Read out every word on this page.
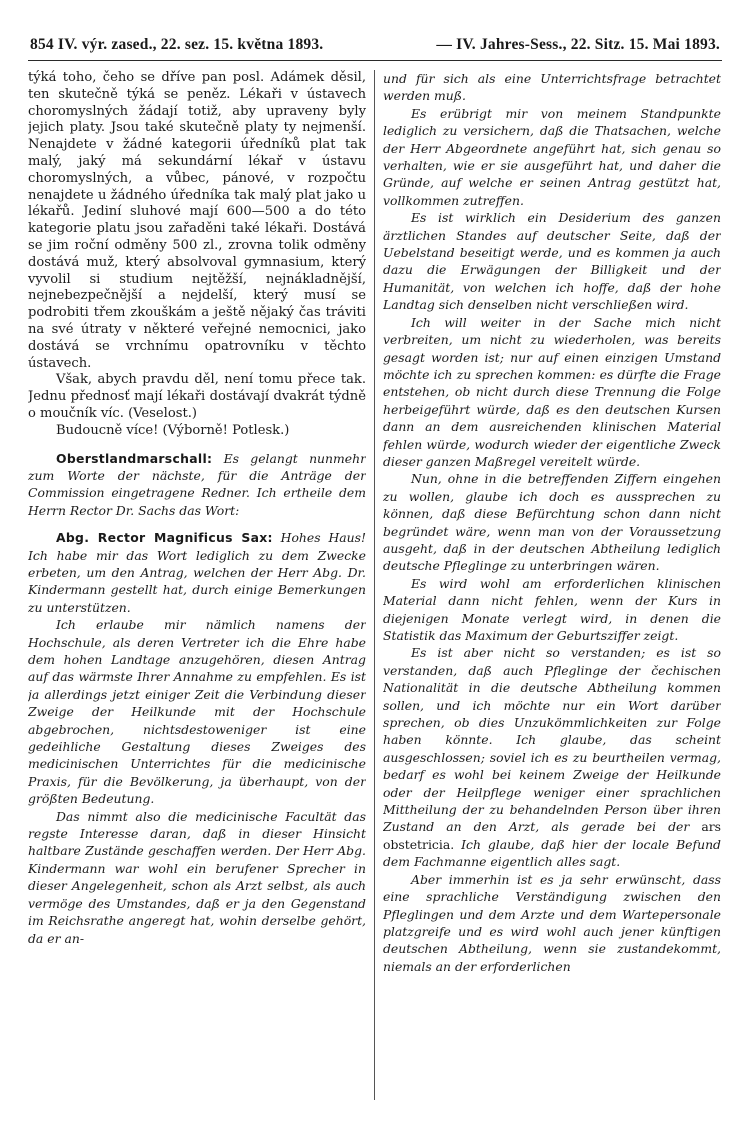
854 IV. výr. zased., 22. sez. 15. května 1893.	— IV. Jahres-Sess., 22. Sitz. 15. Mai 1893.

týká toho, čeho se dříve pan posl. Adámek děsil, ten skutečně týká se peněz. Lékaři v ústavech choromyslných žádají totiž, aby upraveny byly jejich platy. Jsou také skutečně platy ty nejmenší. Nenajdete v žádné kategorii úředníků plat tak malý, jaký má sekundární lékař v ústavu choromyslných, a vůbec, pánové, v rozpočtu nenajdete u žádného úředníka tak malý plat jako u lékařů. Jediní sluhové mají 600—500 a do této kategorie platu jsou zařaděni také lékaři. Dostává se jim roční odměny 500 zl., zrovna tolik odměny dostává muž, který absolvoval gymnasium, který vyvolil si studium nejtěžší, nejnákladnější, nejnebezpečnější a nejdelší, který musí se podrobiti třem zkouškám a ještě nějaký čas tráviti na své útraty v některé veřejné nemocnici, jako dostává se vrchnímu opatrovníku v těchto ústavech.

Však, abych pravdu děl, není tomu přece tak. Jednu přednosť mají lékaři dostávají dvakrát týdně o moučník víc. (Veselost.)

Budoucně více! (Výborně! Potlesk.)

Oberstlandmarschall: Es gelangt nunmehr zum Worte der nächste, für die Anträge der Commission eingetragene Redner. Ich ertheile dem Herrn Rector Dr. Sachs das Wort:

Abg. Rector Magnificus Sax: Hohes Haus! Ich habe mir das Wort lediglich zu dem Zwecke erbeten, um den Antrag, welchen der Herr Abg. Dr. Kindermann gestellt hat, durch einige Bemerkungen zu unterstützen.

Ich erlaube mir nämlich namens der Hochschule, als deren Vertreter ich die Ehre habe dem hohen Landtage anzugehören, diesen Antrag auf das wärmste Ihrer Annahme zu empfehlen. Es ist ja allerdings jetzt einiger Zeit die Verbindung dieser Zweige der Heilkunde mit der Hochschule abgebrochen, nichtsdestoweniger ist eine gedeihliche Gestaltung dieses Zweiges des medicinischen Unterrichtes für die medicinische Praxis, für die Bevölkerung, ja überhaupt, von der größten Bedeutung.

Das nimmt also die medicinische Facultät das regste Interesse daran, daß in dieser Hinsicht haltbare Zustände geschaffen werden. Der Herr Abg. Kindermann war wohl ein berufener Sprecher in dieser Angelegenheit, schon als Arzt selbst, als auch vermöge des Umstandes, daß er ja den Gegenstand im Reichsrathe angeregt hat, wohin derselbe gehört, da er an-

und für sich als eine Unterrichtsfrage betrachtet werden muß.

Es erübrigt mir von meinem Standpunkte lediglich zu versichern, daß die Thatsachen, welche der Herr Abgeordnete angeführt hat, sich genau so verhalten, wie er sie ausgeführt hat, und daher die Gründe, auf welche er seinen Antrag gestützt hat, vollkommen zutreffen.

Es ist wirklich ein Desiderium des ganzen ärztlichen Standes auf deutscher Seite, daß der Uebelstand beseitigt werde, und es kommen ja auch dazu die Erwägungen der Billigkeit und der Humanität, von welchen ich hoffe, daß der hohe Landtag sich denselben nicht verschließen wird.

Ich will weiter in der Sache mich nicht verbreiten, um nicht zu wiederholen, was bereits gesagt worden ist; nur auf einen einzigen Umstand möchte ich zu sprechen kommen: es dürfte die Frage entstehen, ob nicht durch diese Trennung die Folge herbeigeführt würde, daß es den deutschen Kursen dann an dem ausreichenden klinischen Material fehlen würde, wodurch wieder der eigentliche Zweck dieser ganzen Maßregel vereitelt würde.

Nun, ohne in die betreffenden Ziffern eingehen zu wollen, glaube ich doch es aussprechen zu können, daß diese Befürchtung schon dann nicht begründet wäre, wenn man von der Voraussetzung ausgeht, daß in der deutschen Abtheilung lediglich deutsche Pfleglinge zu unterbringen wären.

Es wird wohl am erforderlichen klinischen Material dann nicht fehlen, wenn der Kurs in diejenigen Monate verlegt wird, in denen die Statistik das Maximum der Geburtsziffer zeigt.

Es ist aber nicht so verstanden; es ist so verstanden, daß auch Pfleglinge der čechischen Nationalität in die deutsche Abtheilung kommen sollen, und ich möchte nur ein Wort darüber sprechen, ob dies Unzukömmlichkeiten zur Folge haben könnte. Ich glaube, das scheint ausgeschlossen; soviel ich es zu beurtheilen vermag, bedarf es wohl bei keinem Zweige der Heilkunde oder der Heilpflege weniger einer sprachlichen Mittheilung der zu behandelnden Person über ihren Zustand an den Arzt, als gerade bei der ars obstetricia. Ich glaube, daß hier der locale Befund dem Fachmanne eigentlich alles sagt.

Aber immerhin ist es ja sehr erwünscht, dass eine sprachliche Verständigung zwischen den Pfleglingen und dem Arzte und dem Wartepersonale platzgreife und es wird wohl auch jener künftigen deutschen Abtheilung, wenn sie zustandekommt, niemals an der erforderlichen
